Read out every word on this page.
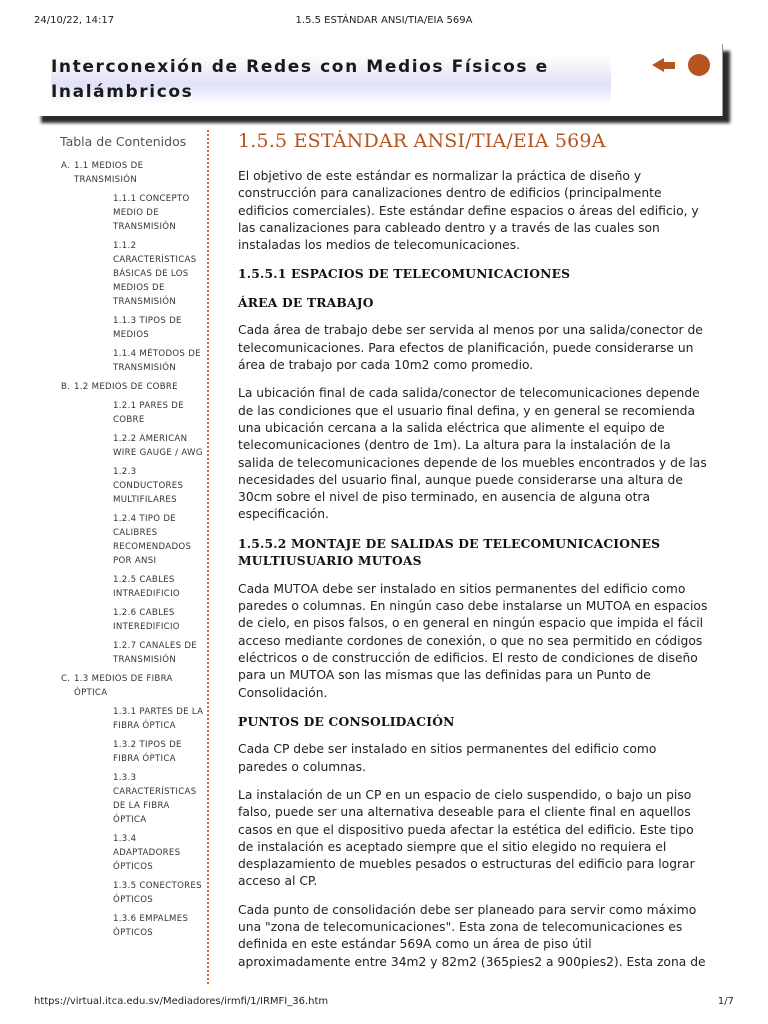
24/10/22, 14:17	1.5.5 ESTÁNDAR ANSI/TIA/EIA 569A
Interconexión de Redes con Medios Físicos e
Inalámbricos
Tabla de Contenidos
A. 1.1 MEDIOS DE TRANSMISIÓN
1.1.1 CONCEPTO MEDIO DE TRANSMISIÓN
1.1.2 CARACTERÍSTICAS BÁSICAS DE LOS MEDIOS DE TRANSMISIÓN
1.1.3 TIPOS DE MEDIOS
1.1.4 MÉTODOS DE TRANSMISIÓN
B. 1.2 MEDIOS DE COBRE
1.2.1 PARES DE COBRE
1.2.2 AMERICAN WIRE GAUGE / AWG
1.2.3 CONDUCTORES MULTIFILARES
1.2.4 TIPO DE CALIBRES RECOMENDADOS POR ANSI
1.2.5 CABLES INTRAEDIFICIO
1.2.6 CABLES INTEREDIFICIO
1.2.7 CANALES DE TRANSMISIÓN
C. 1.3 MEDIOS DE FIBRA ÓPTICA
1.3.1 PARTES DE LA FIBRA ÓPTICA
1.3.2 TIPOS DE FIBRA ÓPTICA
1.3.3 CARACTERÍSTICAS DE LA FIBRA ÓPTICA
1.3.4 ADAPTADORES ÓPTICOS
1.3.5 CONECTORES ÓPTICOS
1.3.6 EMPALMES ÓPTICOS
1.5.5 ESTÁNDAR ANSI/TIA/EIA 569A

El objetivo de este estándar es normalizar la práctica de diseño y construcción para canalizaciones dentro de edificios (principalmente edificios comerciales). Este estándar define espacios o áreas del edificio, y las canalizaciones para cableado dentro y a través de las cuales son instaladas los medios de telecomunicaciones.

1.5.5.1 ESPACIOS DE TELECOMUNICACIONES
ÁREA DE TRABAJO

Cada área de trabajo debe ser servida al menos por una salida/conector de telecomunicaciones. Para efectos de planificación, puede considerarse un área de trabajo por cada 10m2 como promedio.

La ubicación final de cada salida/conector de telecomunicaciones depende de las condiciones que el usuario final defina, y en general se recomienda una ubicación cercana a la salida eléctrica que alimente el equipo de telecomunicaciones (dentro de 1m). La altura para la instalación de la salida de telecomunicaciones depende de los muebles encontrados y de las necesidades del usuario final, aunque puede considerarse una altura de 30cm sobre el nivel de piso terminado, en ausencia de alguna otra especificación.

1.5.5.2 MONTAJE DE SALIDAS DE TELECOMUNICACIONES MULTIUSUARIO MUTOAS

Cada MUTOA debe ser instalado en sitios permanentes del edificio como paredes o columnas. En ningún caso debe instalarse un MUTOA en espacios de cielo, en pisos falsos, o en general en ningún espacio que impida el fácil acceso mediante cordones de conexión, o que no sea permitido en códigos eléctricos o de construcción de edificios. El resto de condiciones de diseño para un MUTOA son las mismas que las definidas para un Punto de Consolidación.

PUNTOS DE CONSOLIDACIÓN

Cada CP debe ser instalado en sitios permanentes del edificio como paredes o columnas.

La instalación de un CP en un espacio de cielo suspendido, o bajo un piso falso, puede ser una alternativa deseable para el cliente final en aquellos casos en que el dispositivo pueda afectar la estética del edificio. Este tipo de instalación es aceptado siempre que el sitio elegido no requiera el desplazamiento de muebles pesados o estructuras del edificio para lograr acceso al CP.

Cada punto de consolidación debe ser planeado para servir como máximo una "zona de telecomunicaciones". Esta zona de telecomunicaciones es definida en este estándar 569A como un área de piso útil aproximadamente entre 34m2 y 82m2 (365pies2 a 900pies2). Esta zona de

https://virtual.itca.edu.sv/Mediadores/irmfi/1/IRMFI_36.htm	1/7
